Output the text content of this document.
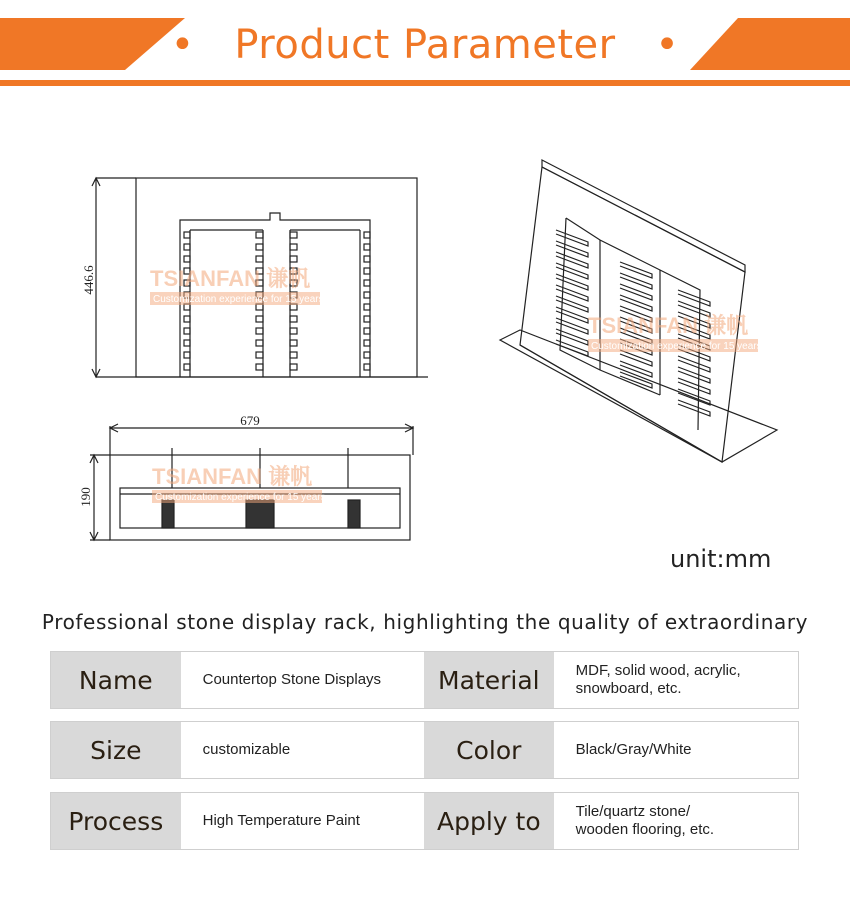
• Product Parameter •
446.6
679
190
TSIANFAN 谦帆
Customization experience for 15 years
TSIANFAN 谦帆
Customization experience for 15 years
TSIANFAN 谦帆
Customization experience for 15 years
unit:mm
Professional stone display rack, highlighting the quality of extraordinary
Name	Countertop Stone Displays	Material	MDF, solid wood, acrylic,
snowboard, etc.
Size	customizable	Color	Black/Gray/White
Process	High Temperature Paint	Apply to	Tile/quartz stone/
wooden flooring, etc.
